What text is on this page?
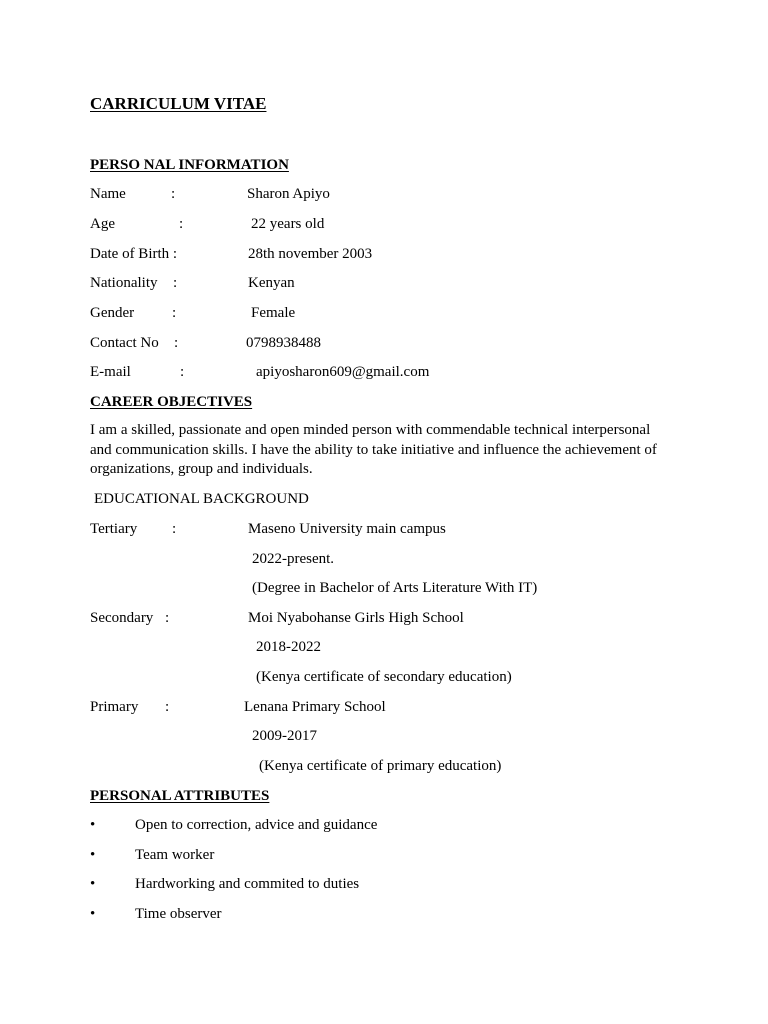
CARRICULUM VITAE
PERSO NAL INFORMATION
Name	:	Sharon Apiyo
Age	:	22 years old
Date of Birth :	28th november 2003
Nationality :	Kenyan
Gender	:	Female
Contact No :	0798938488
E-mail	:	apiyosharon609@gmail.com
CAREER OBJECTIVES
I am a skilled, passionate and open minded person with commendable technical interpersonal and communication skills. I have the ability to take initiative and influence the achievement of organizations, group and individuals.
EDUCATIONAL BACKGROUND
Tertiary :	Maseno University main campus
2022-present.
(Degree in Bachelor of Arts Literature With IT)
Secondary :	Moi Nyabohanse Girls High School
2018-2022
(Kenya certificate of secondary education)
Primary :	Lenana Primary School
2009-2017
(Kenya certificate of primary education)
PERSONAL ATTRIBUTES
•	Open to correction, advice and guidance
•	Team worker
•	Hardworking and commited to duties
•	Time observer
